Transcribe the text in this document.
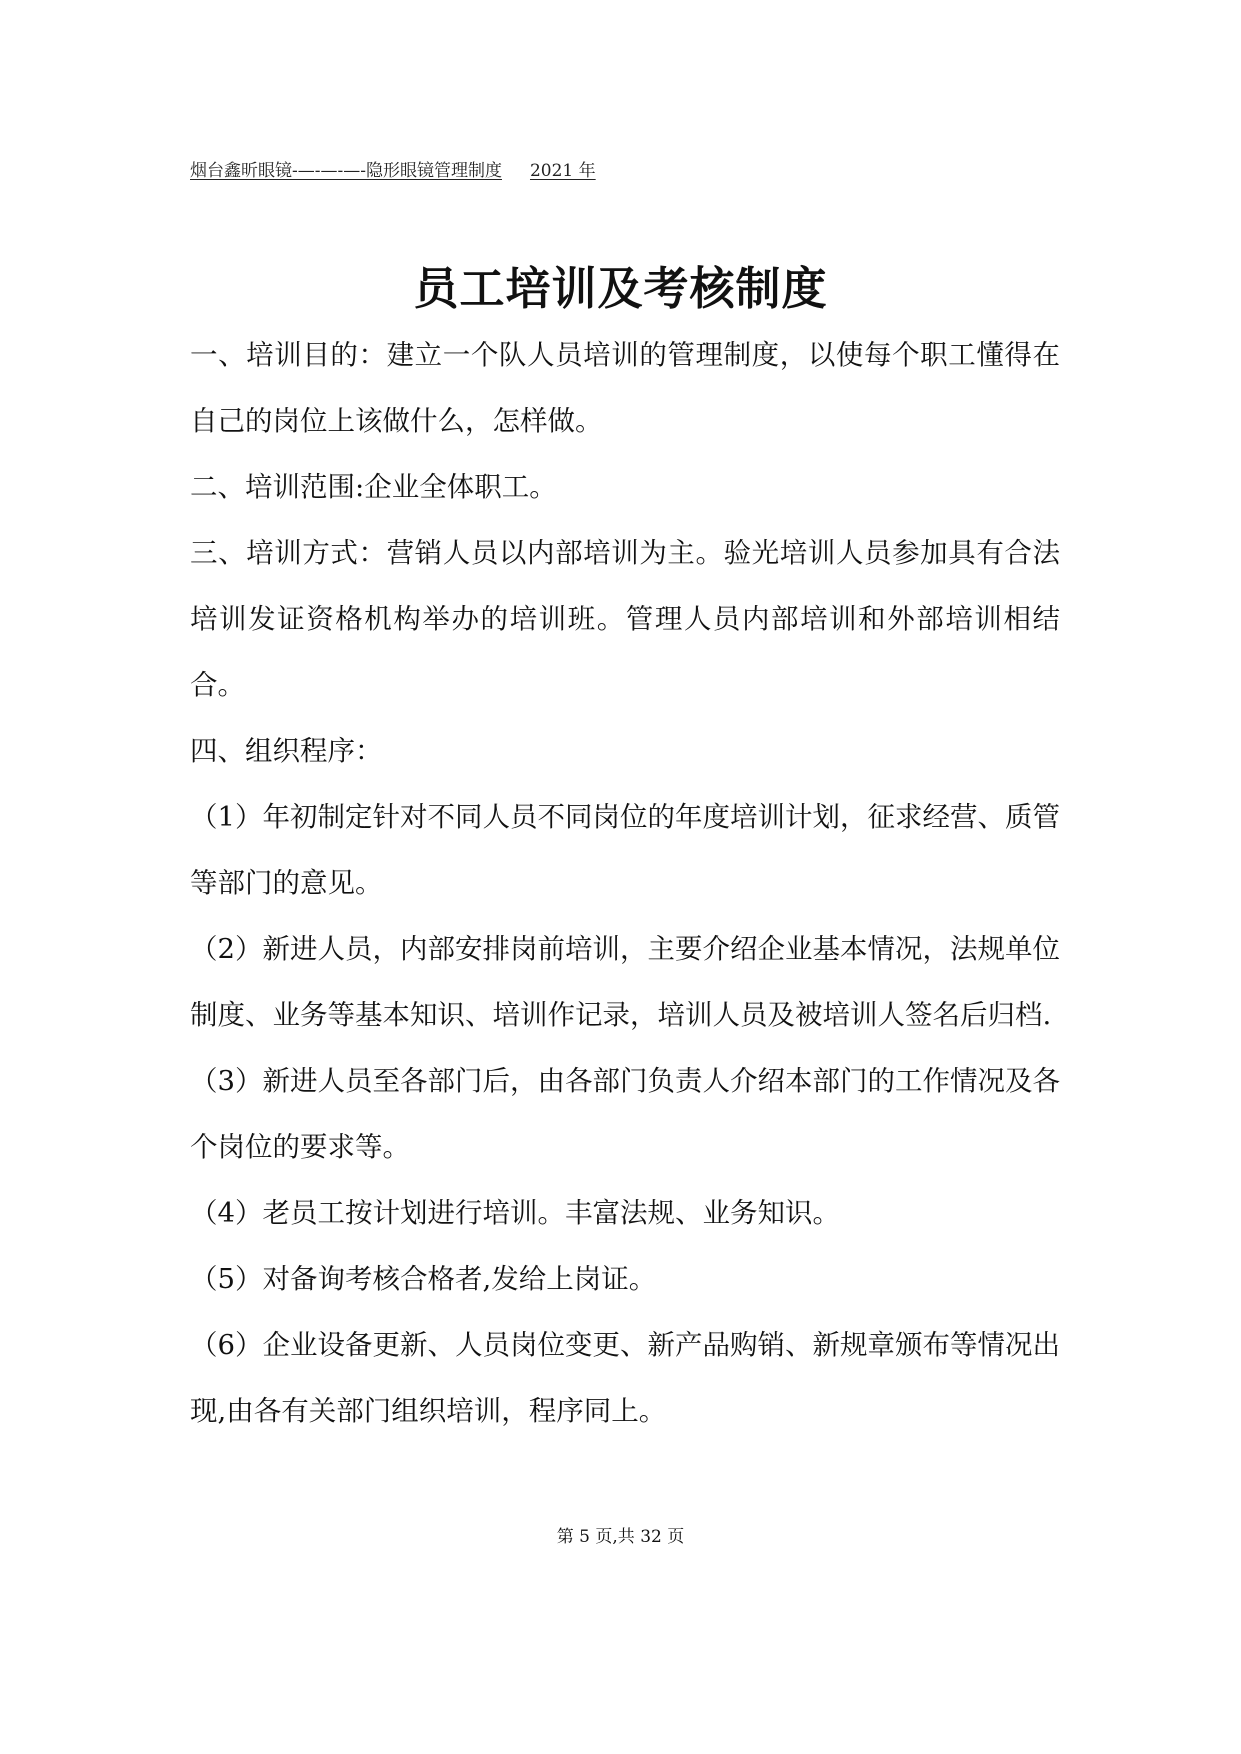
烟台鑫昕眼镜-—-—-—-隐形眼镜管理制度 2021 年
员工培训及考核制度

一、培训目的：建立一个队人员培训的管理制度，以使每个职工懂得在自己的岗位上该做什么，怎样做。

二、培训范围:企业全体职工。

三、培训方式：营销人员以内部培训为主。验光培训人员参加具有合法培训发证资格机构举办的培训班。管理人员内部培训和外部培训相结合。

四、组织程序：

（1）年初制定针对不同人员不同岗位的年度培训计划，征求经营、质管等部门的意见。

（2）新进人员，内部安排岗前培训，主要介绍企业基本情况，法规单位制度、业务等基本知识、培训作记录，培训人员及被培训人签名后归档.

（3）新进人员至各部门后，由各部门负责人介绍本部门的工作情况及各个岗位的要求等。

（4）老员工按计划进行培训。丰富法规、业务知识。

（5）对备询考核合格者,发给上岗证。

（6）企业设备更新、人员岗位变更、新产品购销、新规章颁布等情况出现,由各有关部门组织培训，程序同上。

第 5 页,共 32 页
